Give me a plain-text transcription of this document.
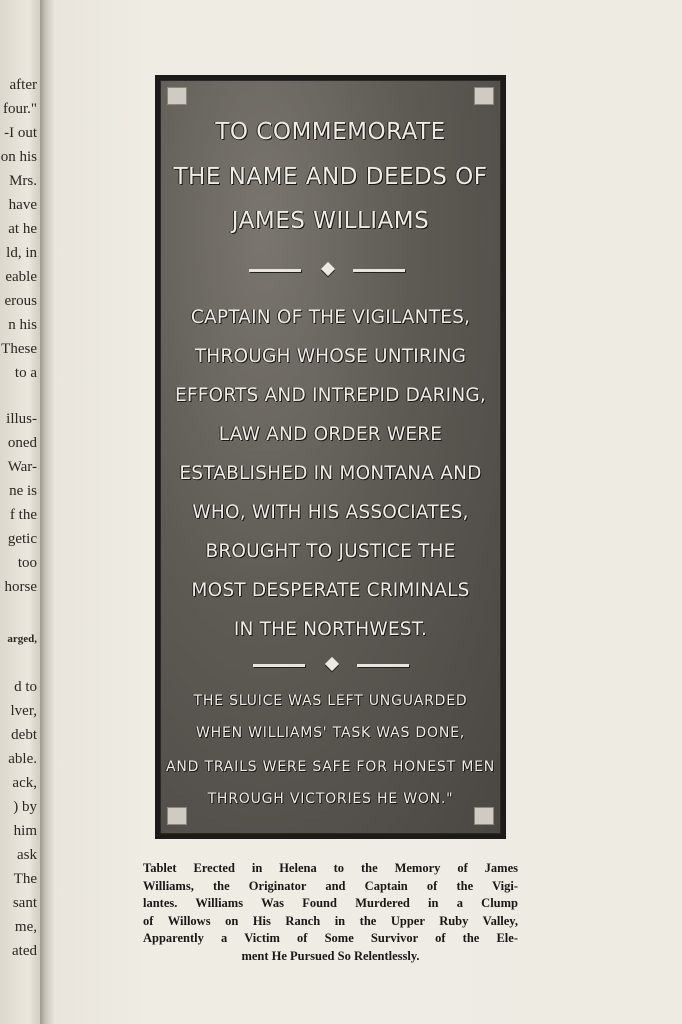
after
four."
-I out
on his
Mrs.
have
at he
ld, in
eable
erous
n his
These
to a
illus-
oned
War-
ne is
f the
getic
too
horse
arged,
d to
lver,
debt
able.
ack,
) by
him
ask
The
sant
me,
ated
TO COMMEMORATE
THE NAME AND DEEDS OF
JAMES WILLIAMS
CAPTAIN OF THE VIGILANTES,
THROUGH WHOSE UNTIRING
EFFORTS AND INTREPID DARING,
LAW AND ORDER WERE
ESTABLISHED IN MONTANA AND
WHO, WITH HIS ASSOCIATES,
BROUGHT TO JUSTICE THE
MOST DESPERATE CRIMINALS
IN THE NORTHWEST.
THE SLUICE WAS LEFT UNGUARDED
WHEN WILLIAMS' TASK WAS DONE,
AND TRAILS WERE SAFE FOR HONEST MEN
THROUGH VICTORIES HE WON."
Tablet Erected in Helena to the Memory of James
Williams, the Originator and Captain of the Vigi-
lantes. Williams Was Found Murdered in a Clump
of Willows on His Ranch in the Upper Ruby Valley,
Apparently a Victim of Some Survivor of the Ele-
ment He Pursued So Relentlessly.
